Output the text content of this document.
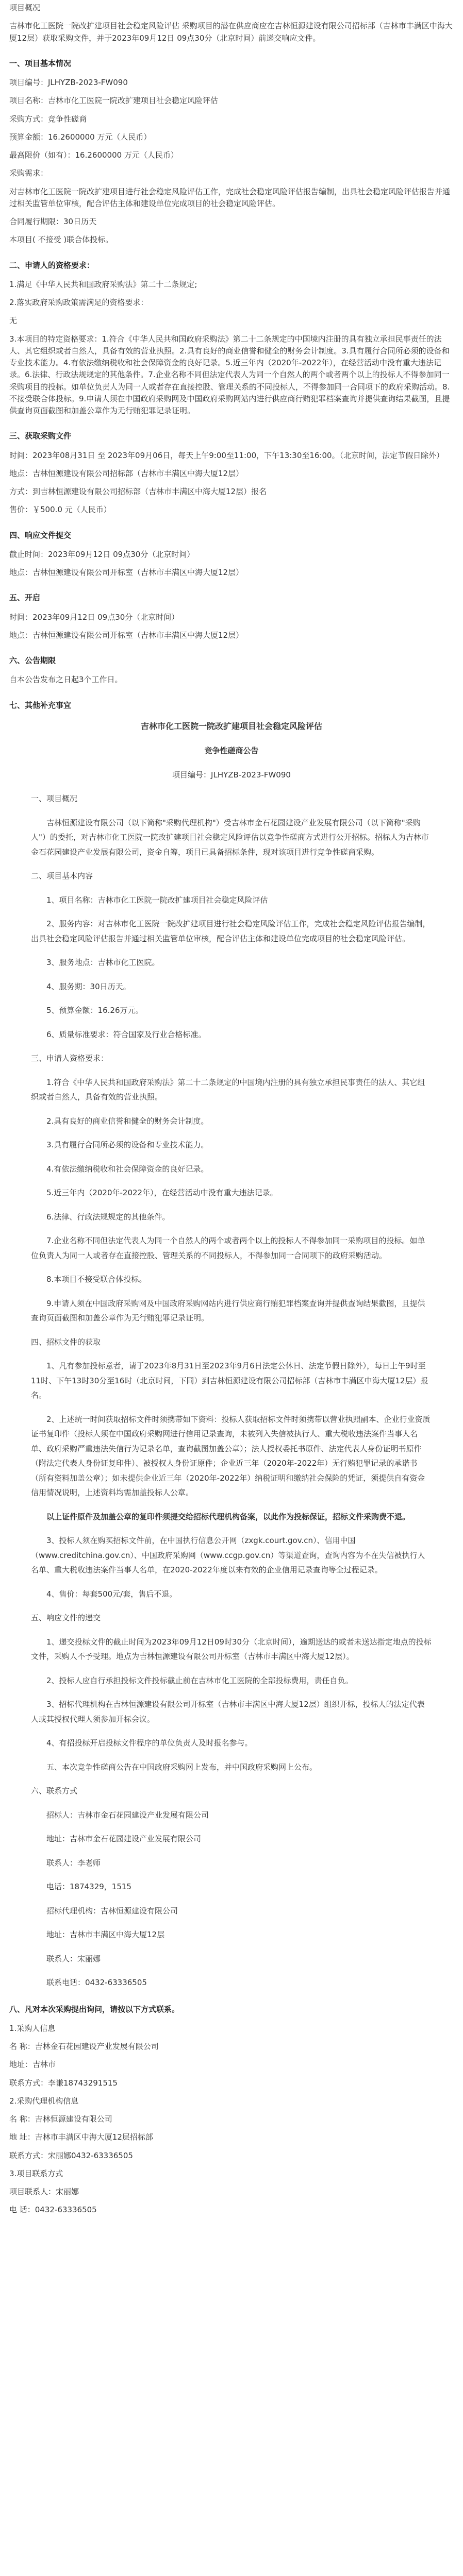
项目概况

吉林市化工医院一院改扩建项目社会稳定风险评估 采购项目的潜在供应商应在吉林恒源建设有限公司招标部（吉林市丰满区中海大厦12层）获取采购文件，并于2023年09月12日 09点30分（北京时间）前递交响应文件。

一、项目基本情况

项目编号：JLHYZB-2023-FW090

项目名称：吉林市化工医院一院改扩建项目社会稳定风险评估

采购方式：竞争性磋商

预算金额：16.2600000 万元（人民币）

最高限价（如有）：16.2600000 万元（人民币）

采购需求：

对吉林市化工医院一院改扩建项目进行社会稳定风险评估工作，完成社会稳定风险评估报告编制，出具社会稳定风险评估报告并通过相关监管单位审核，配合评估主体和建设单位完成项目的社会稳定风险评估。

合同履行期限：30日历天

本项目( 不接受 )联合体投标。

二、申请人的资格要求：

1.满足《中华人民共和国政府采购法》第二十二条规定;

2.落实政府采购政策需满足的资格要求：

无

3.本项目的特定资格要求：1.符合《中华人民共和国政府采购法》第二十二条规定的中国境内注册的具有独立承担民事责任的法人、其它组织或者自然人，具备有效的营业执照。2.具有良好的商业信誉和健全的财务会计制度。3.具有履行合同所必须的设备和专业技术能力。4.有依法缴纳税收和社会保障资金的良好记录。5.近三年内（2020年-2022年），在经营活动中没有重大违法记录。6.法律、行政法规规定的其他条件。7.企业名称不同但法定代表人为同一个自然人的两个或者两个以上的投标人不得参加同一采购项目的投标。如单位负责人为同一人或者存在直接控股、管理关系的不同投标人，不得参加同一合同项下的政府采购活动。8.不接受联合体投标。9.申请人须在中国政府采购网及中国政府采购网站内进行供应商行贿犯罪档案查询并提供查询结果截图，且提供查询页面截图和加盖公章作为无行贿犯罪记录证明。

三、获取采购文件

时间：2023年08月31日 至 2023年09月06日，每天上午9:00至11:00，下午13:30至16:00。（北京时间，法定节假日除外）

地点：吉林恒源建设有限公司招标部（吉林市丰满区中海大厦12层）

方式：到吉林恒源建设有限公司招标部（吉林市丰满区中海大厦12层）报名

售价：￥500.0 元（人民币）

四、响应文件提交

截止时间：2023年09月12日 09点30分（北京时间）

地点：吉林恒源建设有限公司开标室（吉林市丰满区中海大厦12层）

五、开启

时间：2023年09月12日 09点30分（北京时间）

地点：吉林恒源建设有限公司开标室（吉林市丰满区中海大厦12层）

六、公告期限

自本公告发布之日起3个工作日。

七、其他补充事宜

吉林市化工医院一院改扩建项目社会稳定风险评估

竞争性磋商公告

项目编号：JLHYZB-2023-FW090

一、项目概况

吉林恒源建设有限公司（以下简称"采购代理机构"）受吉林市金石花园建设产业发展有限公司（以下简称"采购人"）的委托，对吉林市化工医院一院改扩建项目社会稳定风险评估以竞争性磋商方式进行公开招标。招标人为吉林市金石花园建设产业发展有限公司，资金自筹，项目已具备招标条件，现对该项目进行竞争性磋商采购。

二、项目基本内容

1、项目名称：吉林市化工医院一院改扩建项目社会稳定风险评估

2、服务内容：对吉林市化工医院一院改扩建项目进行社会稳定风险评估工作，完成社会稳定风险评估报告编制，出具社会稳定风险评估报告并通过相关监管单位审核，配合评估主体和建设单位完成项目的社会稳定风险评估。

3、服务地点：吉林市化工医院。

4、服务期：30日历天。

5、预算金额：16.26万元。

6、质量标准要求：符合国家及行业合格标准。

三、申请人资格要求：

1.符合《中华人民共和国政府采购法》第二十二条规定的中国境内注册的具有独立承担民事责任的法人、其它组织或者自然人，具备有效的营业执照。

2.具有良好的商业信誉和健全的财务会计制度。

3.具有履行合同所必须的设备和专业技术能力。

4.有依法缴纳税收和社会保障资金的良好记录。

5.近三年内（2020年-2022年），在经营活动中没有重大违法记录。

6.法律、行政法规规定的其他条件。

7.企业名称不同但法定代表人为同一个自然人的两个或者两个以上的投标人不得参加同一采购项目的投标。如单位负责人为同一人或者存在直接控股、管理关系的不同投标人，不得参加同一合同项下的政府采购活动。

8.本项目不接受联合体投标。

9.申请人须在中国政府采购网及中国政府采购网站内进行供应商行贿犯罪档案查询并提供查询结果截图，且提供查询页面截图和加盖公章作为无行贿犯罪记录证明。

四、招标文件的获取

1、凡有参加投标意者，请于2023年8月31日至2023年9月6日法定公休日、法定节假日除外），每日上午9时至11时、下午13时30分至16时（北京时间，下同）到吉林恒源建设有限公司招标部（吉林市丰满区中海大厦12层）报名。

2、上述统一时间获取招标文件时须携带如下资料：投标人获取招标文件时须携带以营业执照副本、企业行业资质证书复印件（投标人须在中国政府采购网进行信用记录查询，未被列入失信被执行人、重大税收违法案件当事人名单、政府采购严重违法失信行为记录名单，查询截图加盖公章）；法人授权委托书原件、法定代表人身份证明书原件（附法定代表人身份证复印件）、被授权人身份证原件；企业近三年（2020年-2022年）无行贿犯罪记录的承诺书（所有资料加盖公章）；如未提供企业近三年（2020年-2022年）纳税证明和缴纳社会保险的凭证，须提供自有资金信用情况说明，上述资料均需加盖投标人公章。

以上证件原件及加盖公章的复印件须提交给招标代理机构备案，以此作为投标保证，招标文件采购费不退。

3、投标人须在购买招标文件前，在中国执行信息公开网（zxgk.court.gov.cn）、信用中国（www.creditchina.gov.cn）、中国政府采购网（www.ccgp.gov.cn）等渠道查询，查询内容为不在失信被执行人名单、重大税收违法案件当事人名单，在2020-2022年度以来有效的企业信用记录查询等全过程记录。

4、售价：每套500元/套，售后不退。

五、响应文件的递交

1、递交投标文件的截止时间为2023年09月12日09时30分（北京时间），逾期送达的或者未送达指定地点的投标文件，采购人不予受理。地点为吉林恒源建设有限公司开标室（吉林市丰满区中海大厦12层）。

2、投标人应自行承担投标文件投标截止前在吉林市化工医院的全部投标费用，责任自负。

3、招标代理机构在吉林恒源建设有限公司开标室（吉林市丰满区中海大厦12层）组织开标，投标人的法定代表人或其授权代理人须参加开标会议。

4、有招投标开启投标文件程序的单位负责人及时报名参与。

五、本次竞争性磋商公告在中国政府采购网上发布，并中国政府采购网上公布。

六、联系方式

招标人：吉林市金石花园建设产业发展有限公司

地址：吉林市金石花园建设产业发展有限公司

联系人：李老师

电话：1874329，1515

招标代理机构：吉林恒源建设有限公司

地址：吉林市丰满区中海大厦12层

联系人：宋丽娜

联系电话：0432-63336505

八、凡对本次采购提出询问，请按以下方式联系。

1.采购人信息

名 称：吉林金石花园建设产业发展有限公司

地址：吉林市

联系方式：李谦18743291515

2.采购代理机构信息

名 称：吉林恒源建设有限公司

地 址：吉林市丰满区中海大厦12层招标部

联系方式：宋丽娜0432-63336505

3.项目联系方式

项目联系人：宋丽娜

电 话：0432-63336505
